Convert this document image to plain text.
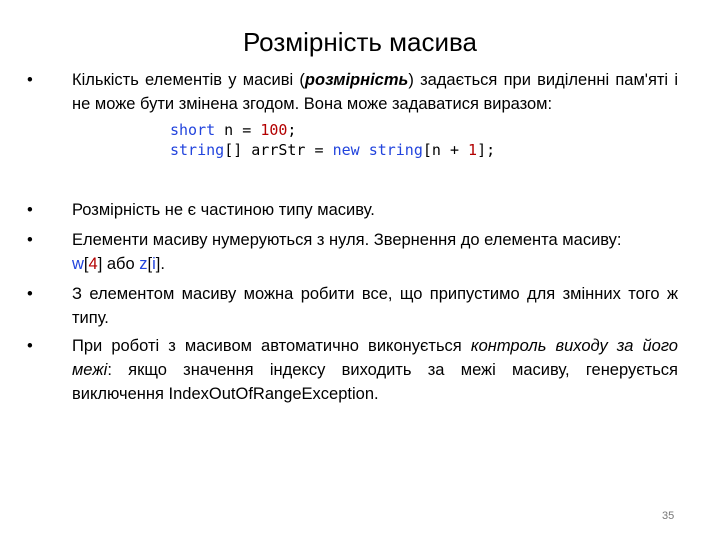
Розмірність масива
• Кількість елементів у масиві (розмірність) задається при виділенні пам'яті і не може бути змінена згодом. Вона може задаватися виразом:
• Розмірність не є частиною типу масиву.
• Елементи масиву нумеруються з нуля. Звернення до елемента масиву:
w[4] або z[i].
• З елементом масиву можна робити все, що припустимо для змінних того ж типу.
• При роботі з масивом автоматично виконується контроль виходу за його межі: якщо значення індексу виходить за межі масиву, генерується виключення IndexOutOfRangeException.
short n = 100;
string[] arrStr = new string[n + 1];
35
